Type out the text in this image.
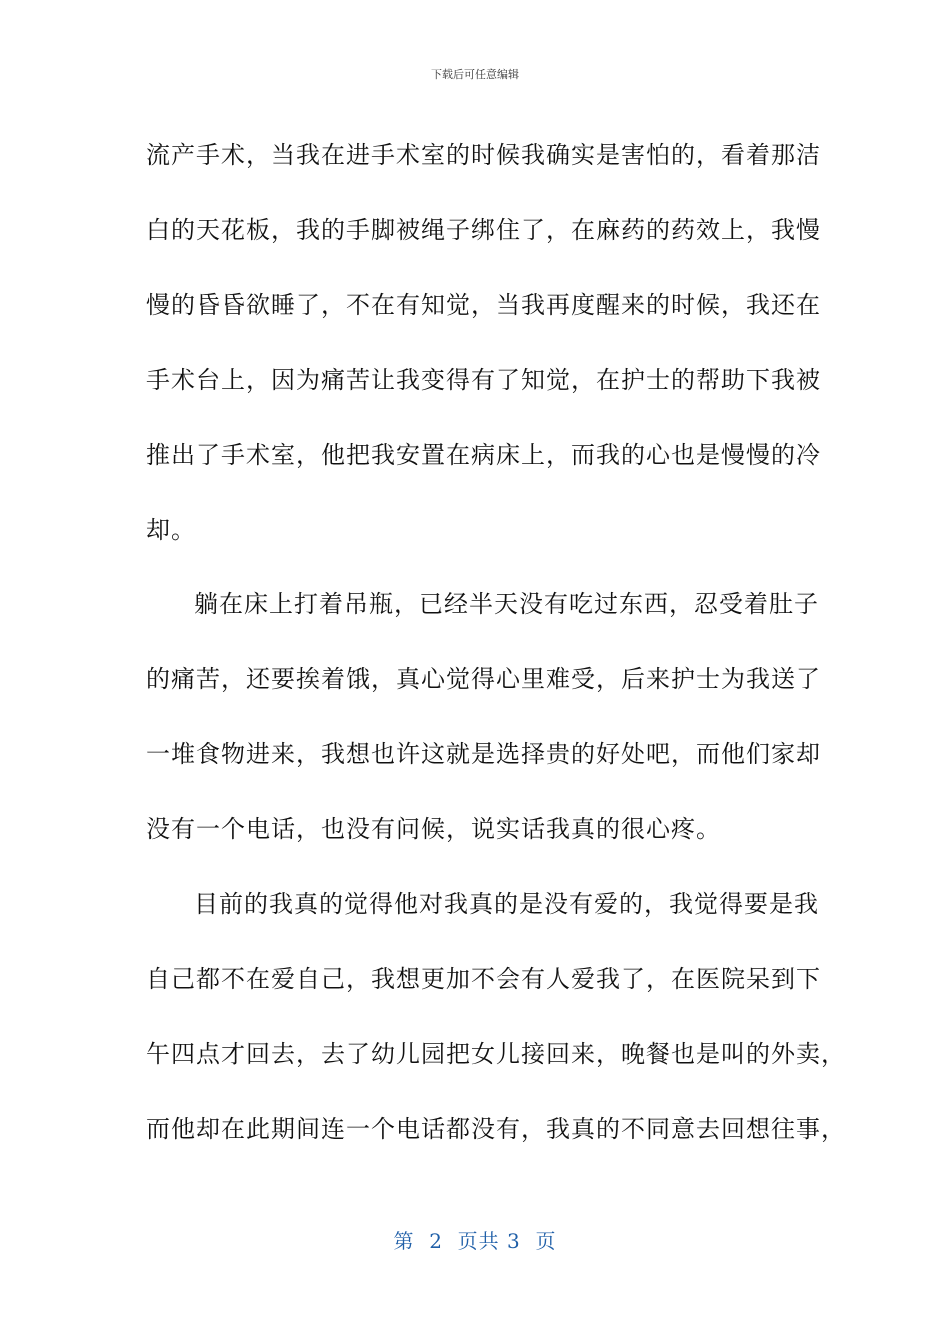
下载后可任意编辑
流产手术，当我在进手术室的时候我确实是害怕的，看着那洁
白的天花板，我的手脚被绳子绑住了，在麻药的药效上，我慢
慢的昏昏欲睡了，不在有知觉，当我再度醒来的时候，我还在
手术台上，因为痛苦让我变得有了知觉，在护士的帮助下我被
推出了手术室，他把我安置在病床上，而我的心也是慢慢的冷
却。
躺在床上打着吊瓶，已经半天没有吃过东西，忍受着肚子
的痛苦，还要挨着饿，真心觉得心里难受，后来护士为我送了
一堆食物进来，我想也许这就是选择贵的好处吧，而他们家却
没有一个电话，也没有问候，说实话我真的很心疼。
目前的我真的觉得他对我真的是没有爱的，我觉得要是我
自己都不在爱自己，我想更加不会有人爱我了，在医院呆到下
午四点才回去，去了幼儿园把女儿接回来，晚餐也是叫的外卖，
而他却在此期间连一个电话都没有，我真的不同意去回想往事，
第  2  页共 3  页
